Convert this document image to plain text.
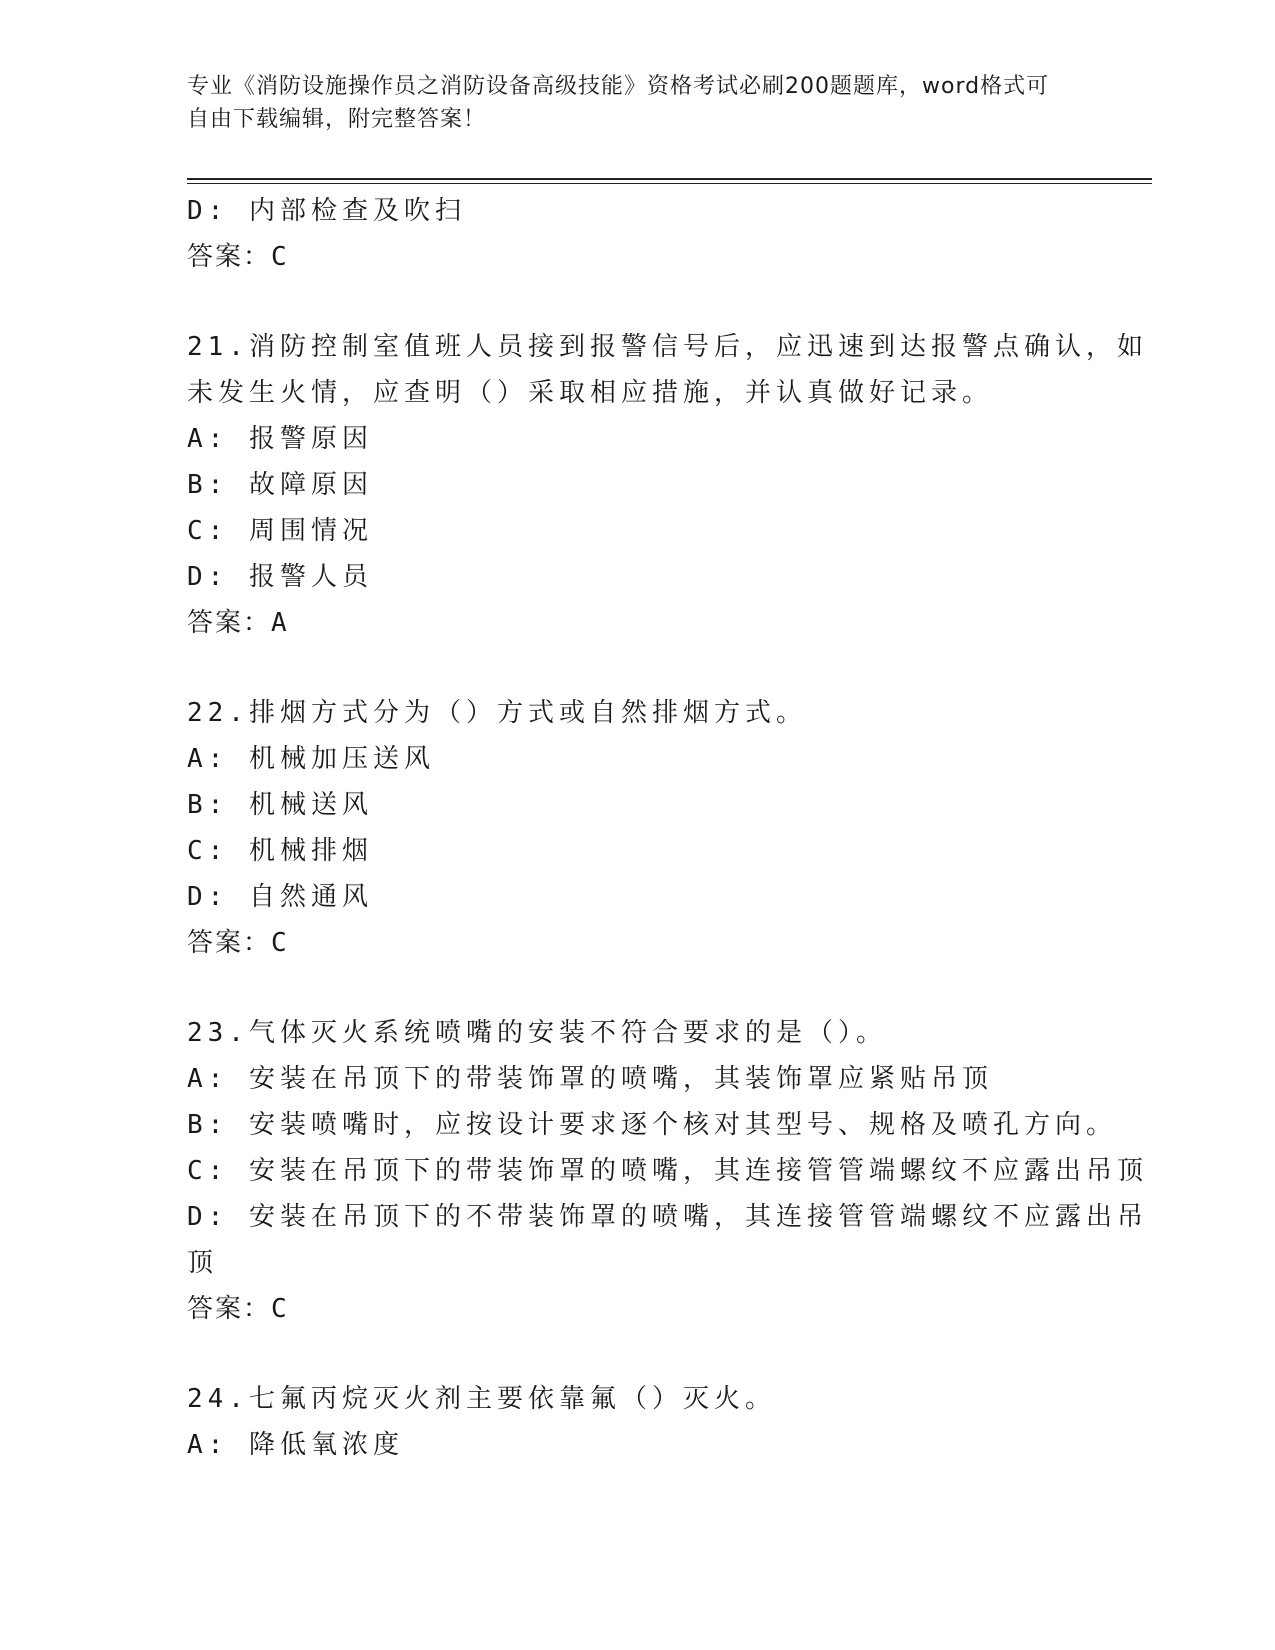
专业《消防设施操作员之消防设备高级技能》资格考试必刷200题题库，word格式可自由下载编辑，附完整答案！
D: 内部检查及吹扫
答案：C
21.消防控制室值班人员接到报警信号后，应迅速到达报警点确认，如
未发生火情，应查明（）采取相应措施，并认真做好记录。
A: 报警原因
B: 故障原因
C: 周围情况
D: 报警人员
答案：A
22.排烟方式分为（）方式或自然排烟方式。
A: 机械加压送风
B: 机械送风
C: 机械排烟
D: 自然通风
答案：C
23.气体灭火系统喷嘴的安装不符合要求的是（）。
A: 安装在吊顶下的带装饰罩的喷嘴，其装饰罩应紧贴吊顶
B: 安装喷嘴时，应按设计要求逐个核对其型号、规格及喷孔方向。
C: 安装在吊顶下的带装饰罩的喷嘴，其连接管管端螺纹不应露出吊顶
D: 安装在吊顶下的不带装饰罩的喷嘴，其连接管管端螺纹不应露出吊
顶
答案：C
24.七氟丙烷灭火剂主要依靠氟（）灭火。
A: 降低氧浓度
